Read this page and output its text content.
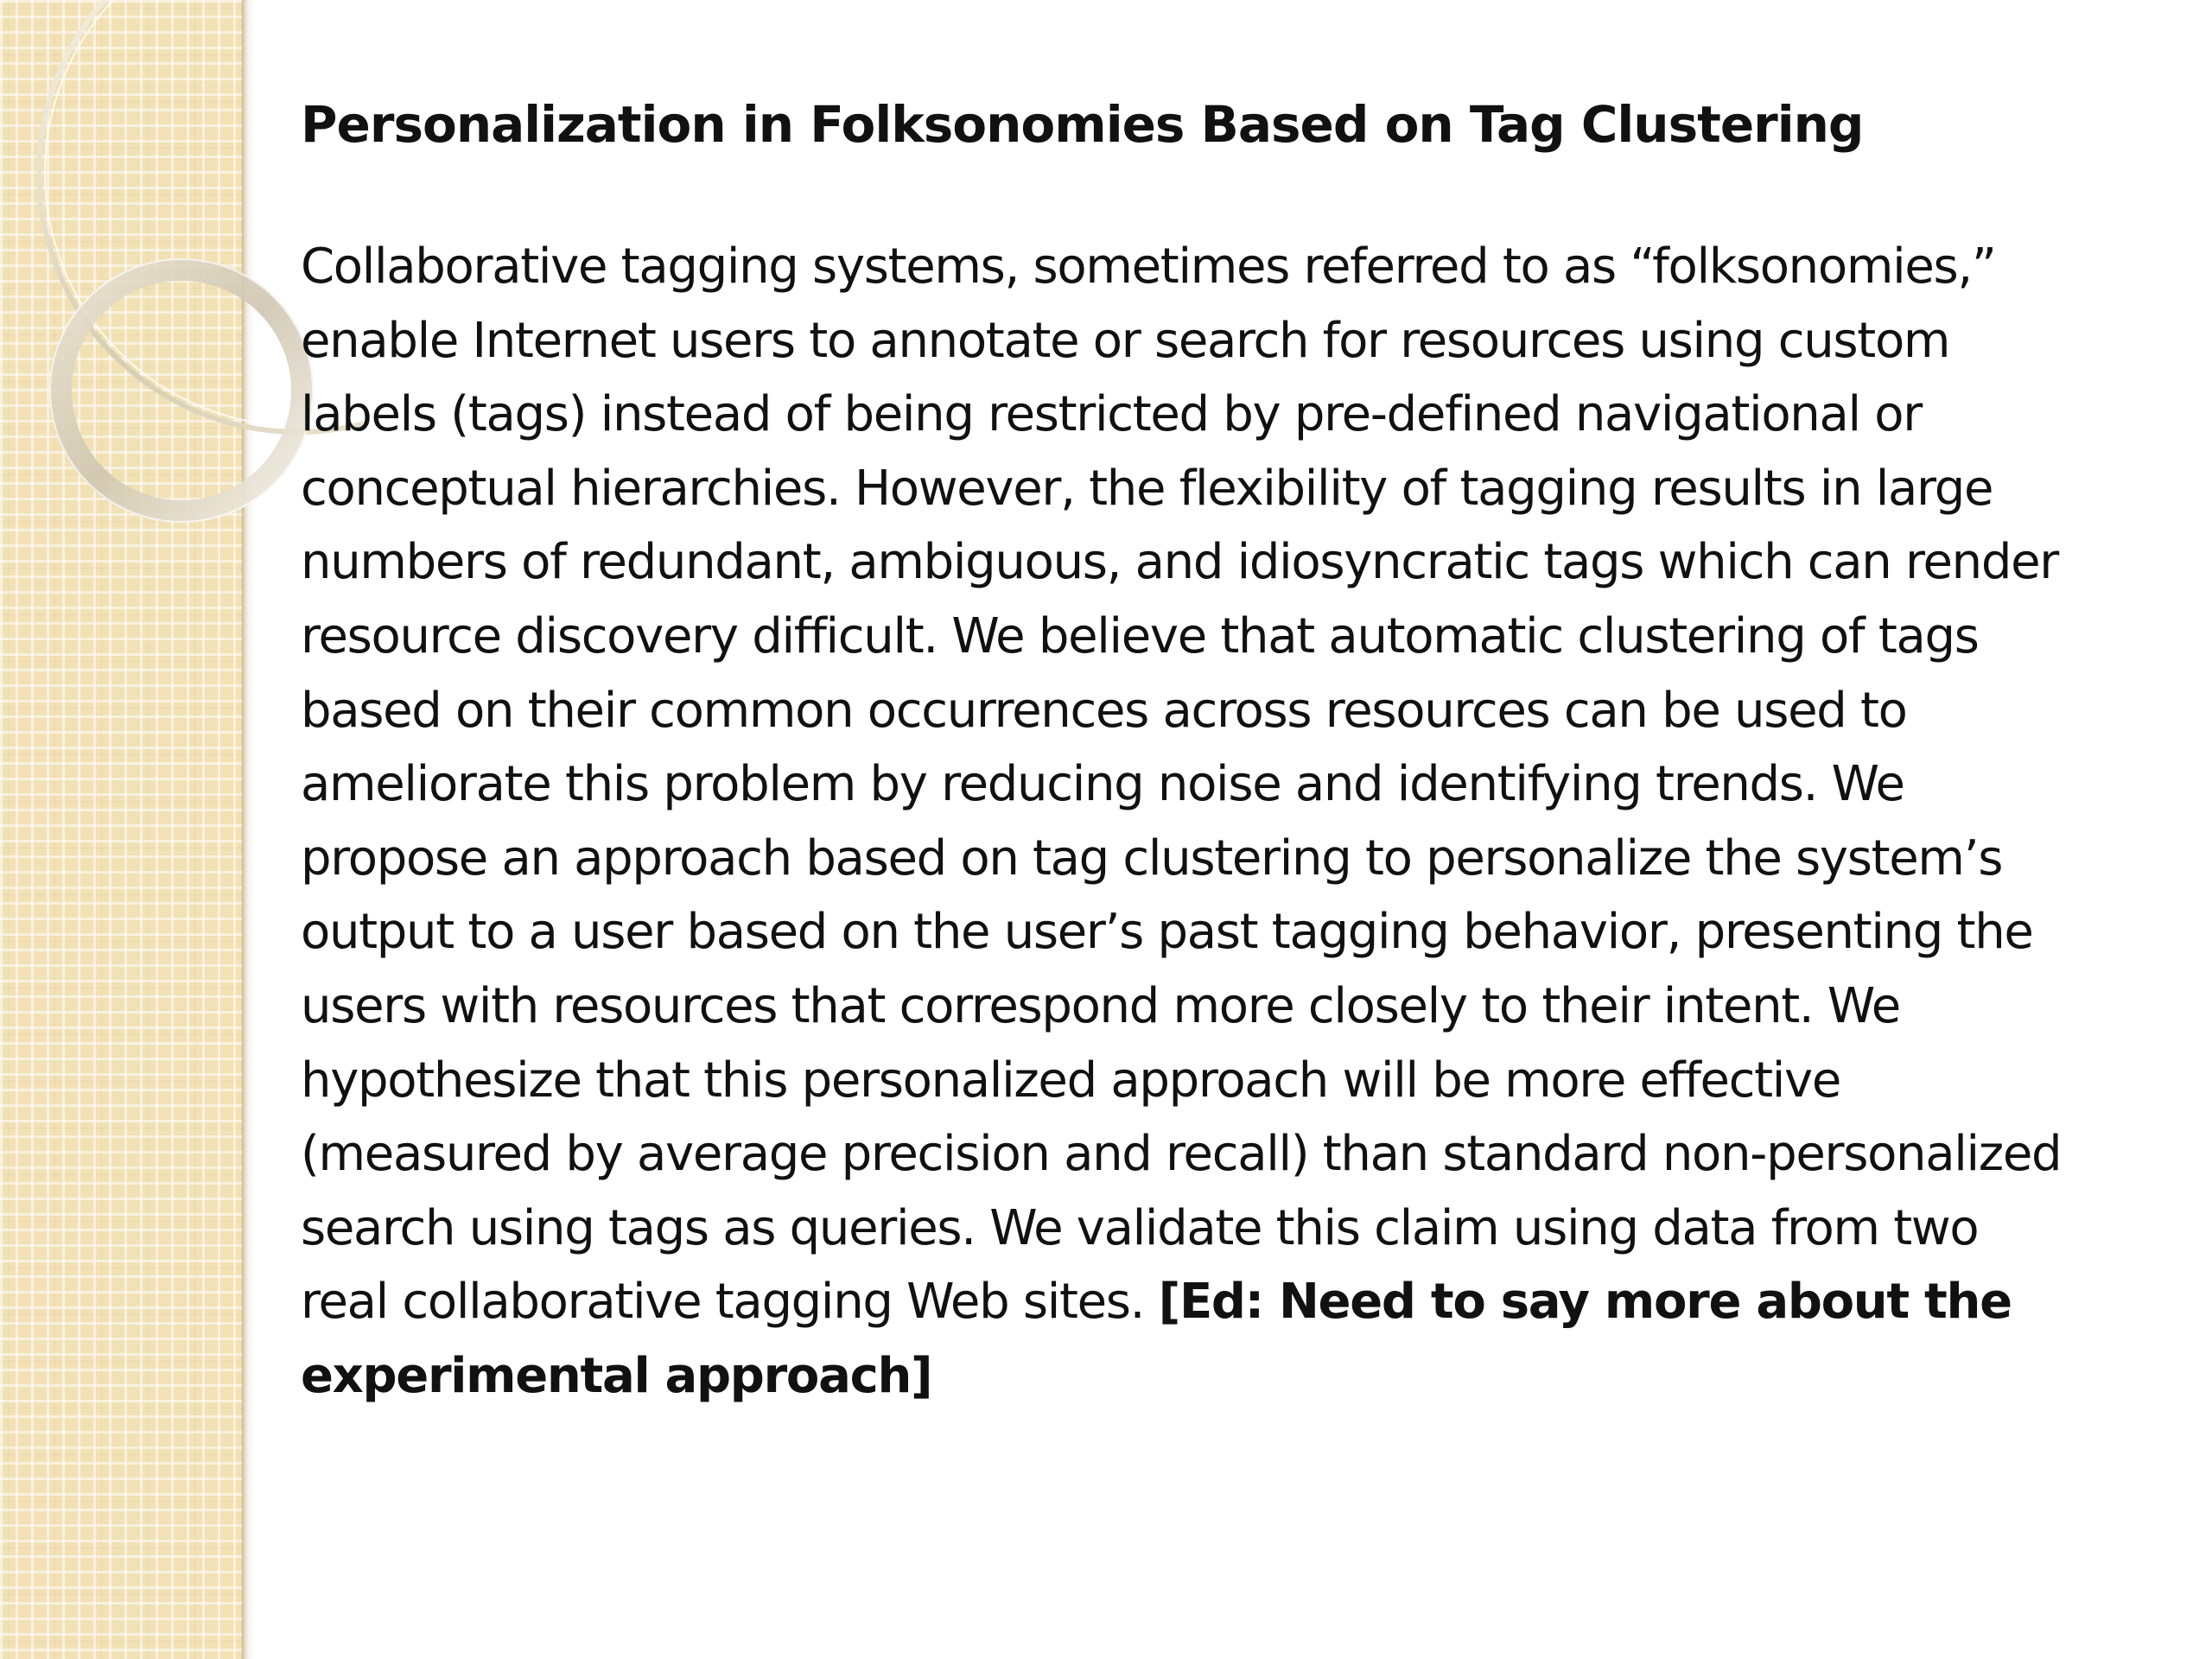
Personalization in Folksonomies Based on Tag Clustering

Collaborative tagging systems, sometimes referred to as “folksonomies,” enable Internet users to annotate or search for resources using custom labels (tags) instead of being restricted by pre-defined navigational or conceptual hierarchies. However, the flexibility of tagging results in large numbers of redundant, ambiguous, and idiosyncratic tags which can render resource discovery difficult. We believe that automatic clustering of tags based on their common occurrences across resources can be used to ameliorate this problem by reducing noise and identifying trends. We propose an approach based on tag clustering to personalize the system’s output to a user based on the user’s past tagging behavior, presenting the users with resources that correspond more closely to their intent. We hypothesize that this personalized approach will be more effective (measured by average precision and recall) than standard non-personalized search using tags as queries. We validate this claim using data from two real collaborative tagging Web sites. [Ed: Need to say more about the experimental approach]
